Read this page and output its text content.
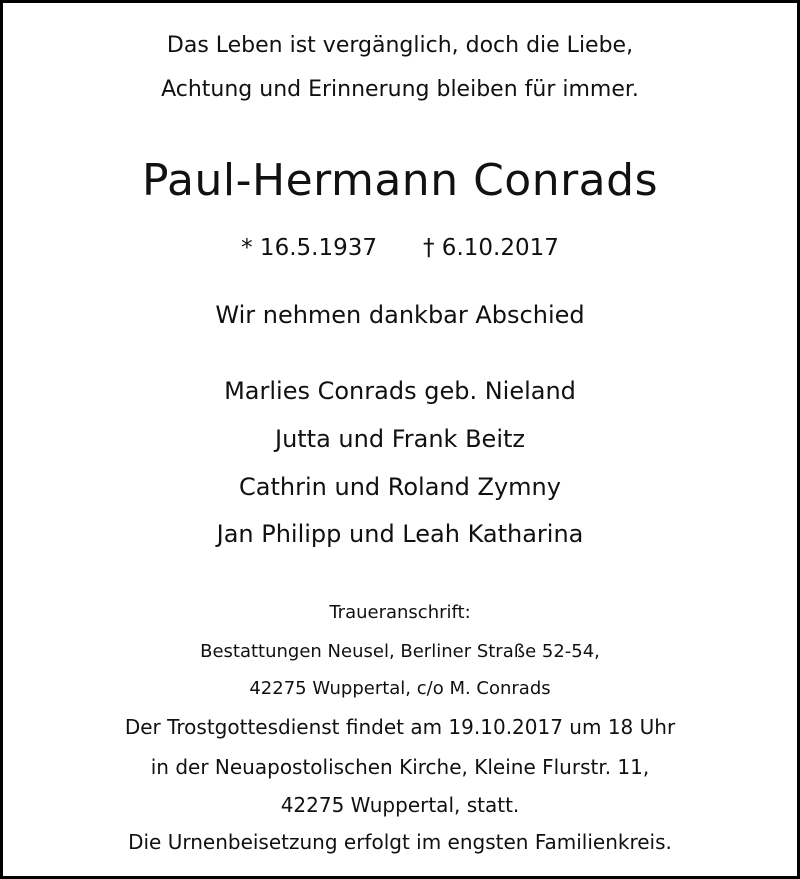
Das Leben ist vergänglich, doch die Liebe,
Achtung und Erinnerung bleiben für immer.
Paul-Hermann Conrads
* 16.5.1937 † 6.10.2017
Wir nehmen dankbar Abschied
Marlies Conrads geb. Nieland
Jutta und Frank Beitz
Cathrin und Roland Zymny
Jan Philipp und Leah Katharina
Traueranschrift:
Bestattungen Neusel, Berliner Straße 52-54,
42275 Wuppertal, c/o M. Conrads
Der Trostgottesdienst findet am 19.10.2017 um 18 Uhr
in der Neuapostolischen Kirche, Kleine Flurstr. 11,
42275 Wuppertal, statt.
Die Urnenbeisetzung erfolgt im engsten Familienkreis.
